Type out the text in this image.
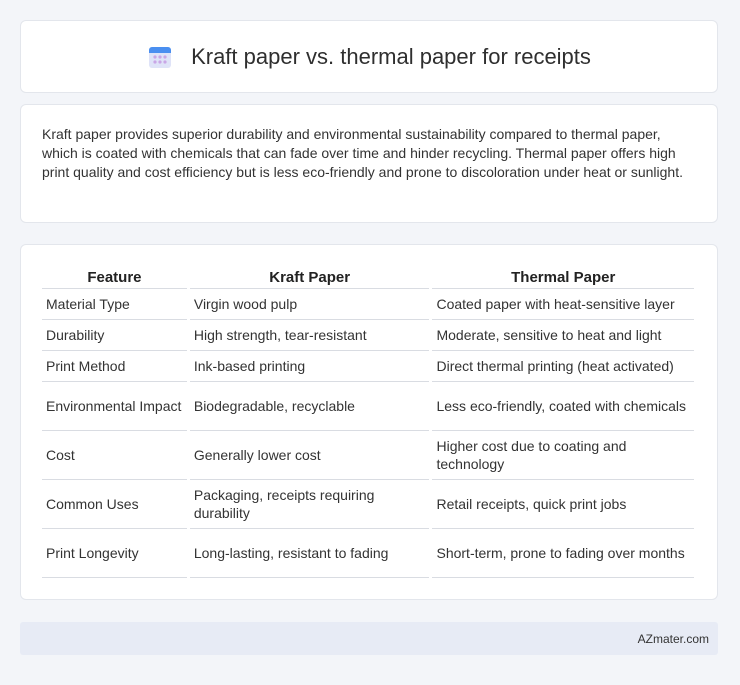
Kraft paper vs. thermal paper for receipts

Kraft paper provides superior durability and environmental sustainability compared to thermal paper, which is coated with chemicals that can fade over time and hinder recycling. Thermal paper offers high print quality and cost efficiency but is less eco-friendly and prone to discoloration under heat or sunlight.

Feature	Kraft Paper	Thermal Paper
Material Type	Virgin wood pulp	Coated paper with heat-sensitive layer
Durability	High strength, tear-resistant	Moderate, sensitive to heat and light
Print Method	Ink-based printing	Direct thermal printing (heat activated)
Environmental Impact	Biodegradable, recyclable	Less eco-friendly, coated with chemicals
Cost	Generally lower cost	Higher cost due to coating and technology
Common Uses	Packaging, receipts requiring durability	Retail receipts, quick print jobs
Print Longevity	Long-lasting, resistant to fading	Short-term, prone to fading over months
AZmater.com
